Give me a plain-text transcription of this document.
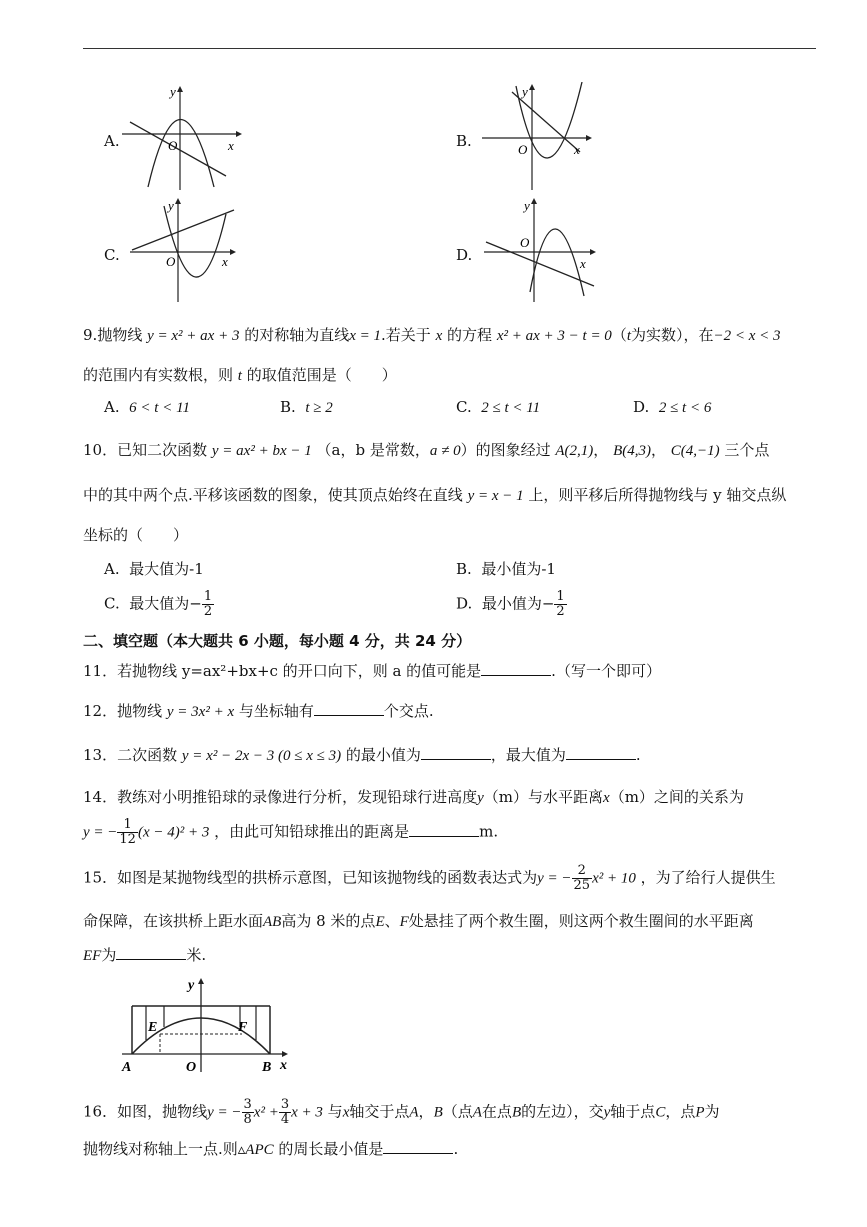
A.
y
x
O	B.
y
x
O
C.
y
x
O	D.
y
x
O
9.抛物线 y = x² + ax + 3 的对称轴为直线x = 1.若关于 x 的方程 x² + ax + 3 − t = 0（t为实数），在−2 < x < 3
的范围内有实数根，则 t 的取值范围是（　　）
A. 6 < t < 11	B. t ≥ 2	C. 2 ≤ t < 11	D. 2 ≤ t < 6
10．已知二次函数 y = ax² + bx − 1 （a，b 是常数，a ≠ 0）的图象经过 A(2,1)， B(4,3)， C(4,−1) 三个点
中的其中两个点.平移该函数的图象，使其顶点始终在直线 y = x − 1 上，则平移后所得抛物线与 y 轴交点纵
坐标的（　　）
A. 最大值为-1	B. 最小值为-1
C. 最大值为− $\frac{1}{2}$	D. 最小值为− $\frac{1}{2}$
二、填空题（本大题共 6 小题，每小题 4 分，共 24 分）
11．若抛物线 y=ax²+bx+c 的开口向下，则 a 的值可能是	.（写一个即可）
12．抛物线 y = 3x² + x 与坐标轴有	个交点.
13．二次函数 y = x² − 2x − 3 (0 ≤ x ≤ 3) 的最小值为	，最大值为	.
14．教练对小明推铅球的录像进行分析，发现铅球行进高度y（m）与水平距离x（m）之间的关系为
y = − $\frac{1}{12} (x - 4)^2 + 3$ ，由此可知铅球推出的距离是	m.
15．如图是某抛物线型的拱桥示意图，已知该抛物线的函数表达式为y = − $\frac{2}{25} x^2 + 10$ ，为了给行人提供生
命保障，在该拱桥上距水面AB高为 8 米的点E、F处悬挂了两个救生圈，则这两个救生圈间的水平距离
EF为	米.
y
x
E	F
A	O	B
16．如图，抛物线y = − $\frac{3}{8} x^2 + \frac{3}{4}$ x + 3 与x轴交于点A，B（点A在点B的左边），交y轴于点C，点P为
抛物线对称轴上一点.则▵APC 的周长最小值是	.
